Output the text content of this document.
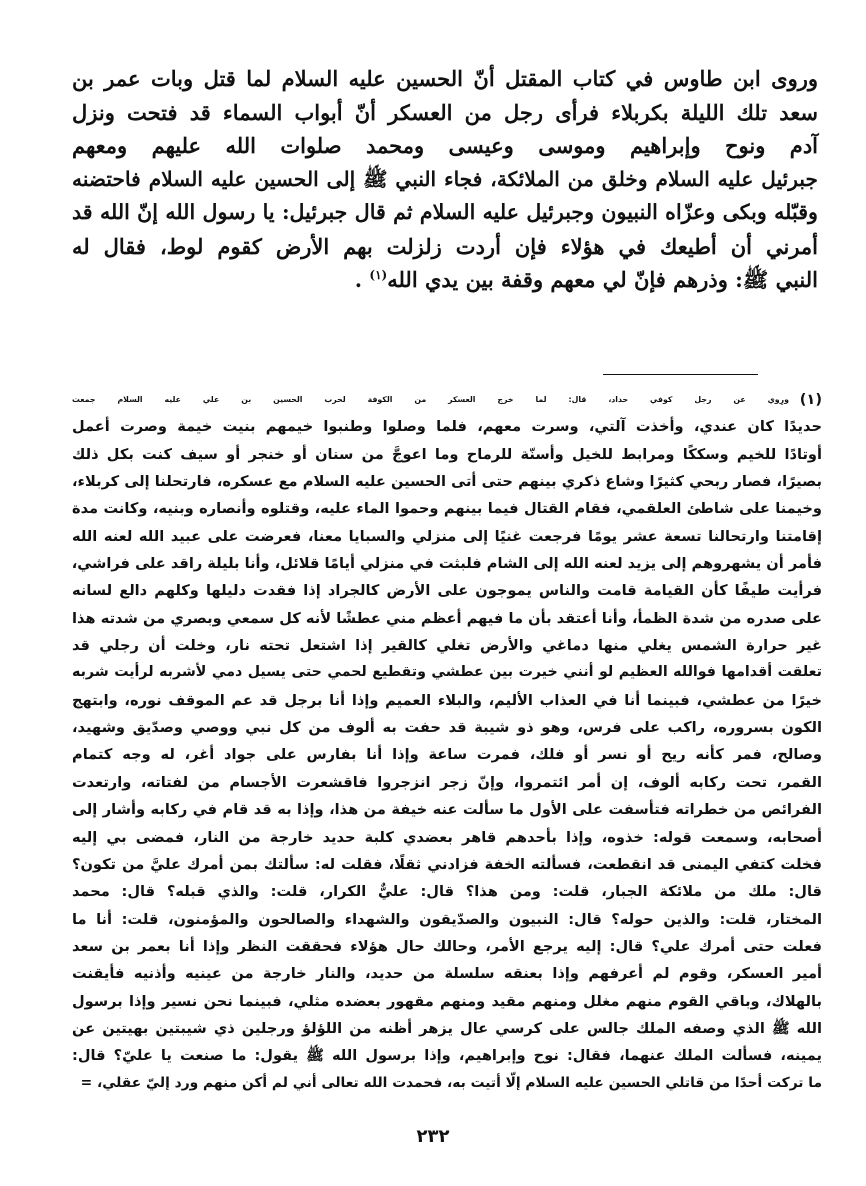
وروى ابن طاوس في كتاب المقتل أنّ الحسين عليه السلام لما قتل وبات عمر بن
سعد تلك الليلة بكربلاء فرأى رجل من العسكر أنّ أبواب السماء قد فتحت ونزل
آدم ونوح وإبراهيم وموسى وعيسى ومحمد صلوات الله عليهم ومعهم
جبرئيل عليه السلام وخلق من الملائكة، فجاء النبي ﷺ إلى الحسين عليه السلام فاحتضنه
وقبّله وبكى وعزّاه النبيون وجبرئيل عليه السلام ثم قال جبرئيل: يا رسول الله إنّ الله قد
أمرني أن أطيعك في هؤلاء فإن أردت زلزلت بهم الأرض كقوم لوط، فقال له
النبي ﷺ: وذرهم فإنّ لي معهم وقفة بين يدي الله$^{(١)}$ .
(١)
ورِوي عن رجل كوفي حداد، قال: لما خرج العسكر من الكوفة لحرب الحسين بن علي عليه السلام جمعت
حديدًا كان عندي، وأخذت آلتي، وسرت معهم، فلما وصلوا وطنبوا خيمهم بنيت خيمة وصرت أعمل
أوتادًا للخيم وسككًا ومرابط للخيل وأسنّة للرماح وما اعوجَّ من سنان أو خنجر أو سيف كنت بكل ذلك
بصيرًا، فصار ربحي كثيرًا وشاع ذكري بينهم حتى أتى الحسين عليه السلام مع عسكره، فارتحلنا إلى كربلاء،
وخيمنا على شاطئ العلقمي، فقام القتال فيما بينهم وحموا الماء عليه، وقتلوه وأنصاره وبنيه، وكانت مدة
إقامتنا وارتحالنا تسعة عشر يومًا فرجعت غنيًا إلى منزلي والسبايا معنا، فعرضت على عبيد الله لعنه الله
فأمر أن يشهروهم إلى يزيد لعنه الله إلى الشام فلبثت في منزلي أيامًا قلائل، وأنا بليلة راقد على فراشي،
فرأيت طيفًا كأن القيامة قامت والناس يموجون على الأرض كالجراد إذا فقدت دليلها وكلهم دالع لسانه
على صدره من شدة الظمأ، وأنا أعتقد بأن ما فيهم أعظم مني عطشًا لأنه كل سمعي وبصري من شدته هذا
غير حرارة الشمس يغلي منها دماغي والأرض تغلي كالقير إذا اشتعل تحته نار، وخلت أن رجلي قد
تعلقت أقدامها فوالله العظيم لو أنني خيرت بين عطشي وتقطيع لحمي حتى يسيل دمي لأشربه لرأيت شربه
خيرًا من عطشي، فبينما أنا في العذاب الأليم، والبلاء العميم وإذا أنا برجل قد عم الموقف نوره، وابتهج
الكون بسروره، راكب على فرس، وهو ذو شيبة قد حفت به ألوف من كل نبي ووصي وصدّيق وشهيد،
وصالح، فمر كأنه ريح أو نسر أو فلك، فمرت ساعة وإذا أنا بفارس على جواد أغر، له وجه كتمام
القمر، تحت ركابه ألوف، إن أمر ائتمروا، وإنّ زجر انزجروا فاقشعرت الأجسام من لفتاته، وارتعدت
الفرائص من خطراته فتأسفت على الأول ما سألت عنه خيفة من هذا، وإذا به قد قام في ركابه وأشار إلى
أصحابه، وسمعت قوله: خذوه، وإذا بأحدهم قاهر بعضدي كلبة حديد خارجة من النار، فمضى بي إليه
فخلت كتفي اليمنى قد انقطعت، فسألته الخفة فزادني ثقلًا، فقلت له: سألتك بمن أمرك عليَّ من تكون؟
قال: ملك من ملائكة الجبار، قلت: ومن هذا؟ قال: عليٌّ الكرار، قلت: والذي قبله؟ قال: محمد
المختار، قلت: والذين حوله؟ قال: النبيون والصدّيقون والشهداء والصالحون والمؤمنون، قلت: أنا ما
فعلت حتى أمرك علي؟ قال: إليه يرجع الأمر، وحالك حال هؤلاء فحققت النظر وإذا أنا بعمر بن سعد
أمير العسكر، وقوم لم أعرفهم وإذا بعنقه سلسلة من حديد، والنار خارجة من عينيه وأذنيه فأيقنت
بالهلاك، وباقي القوم منهم مغلل ومنهم مقيد ومنهم مقهور بعضده مثلي، فبينما نحن نسير وإذا برسول
الله ﷺ الذي وصفه الملك جالس على كرسي عال يزهر أظنه من اللؤلؤ ورجلين ذي شيبتين بهيتين عن
يمينه، فسألت الملك عنهما، فقال: نوح وإبراهيم، وإذا برسول الله ﷺ يقول: ما صنعت يا عليّ؟ قال:
ما تركت أحدًا من قاتلي الحسين عليه السلام إلّا أتيت به، فحمدت الله تعالى أني لم أكن منهم ورد إليّ عقلي، =
٢٣٢
